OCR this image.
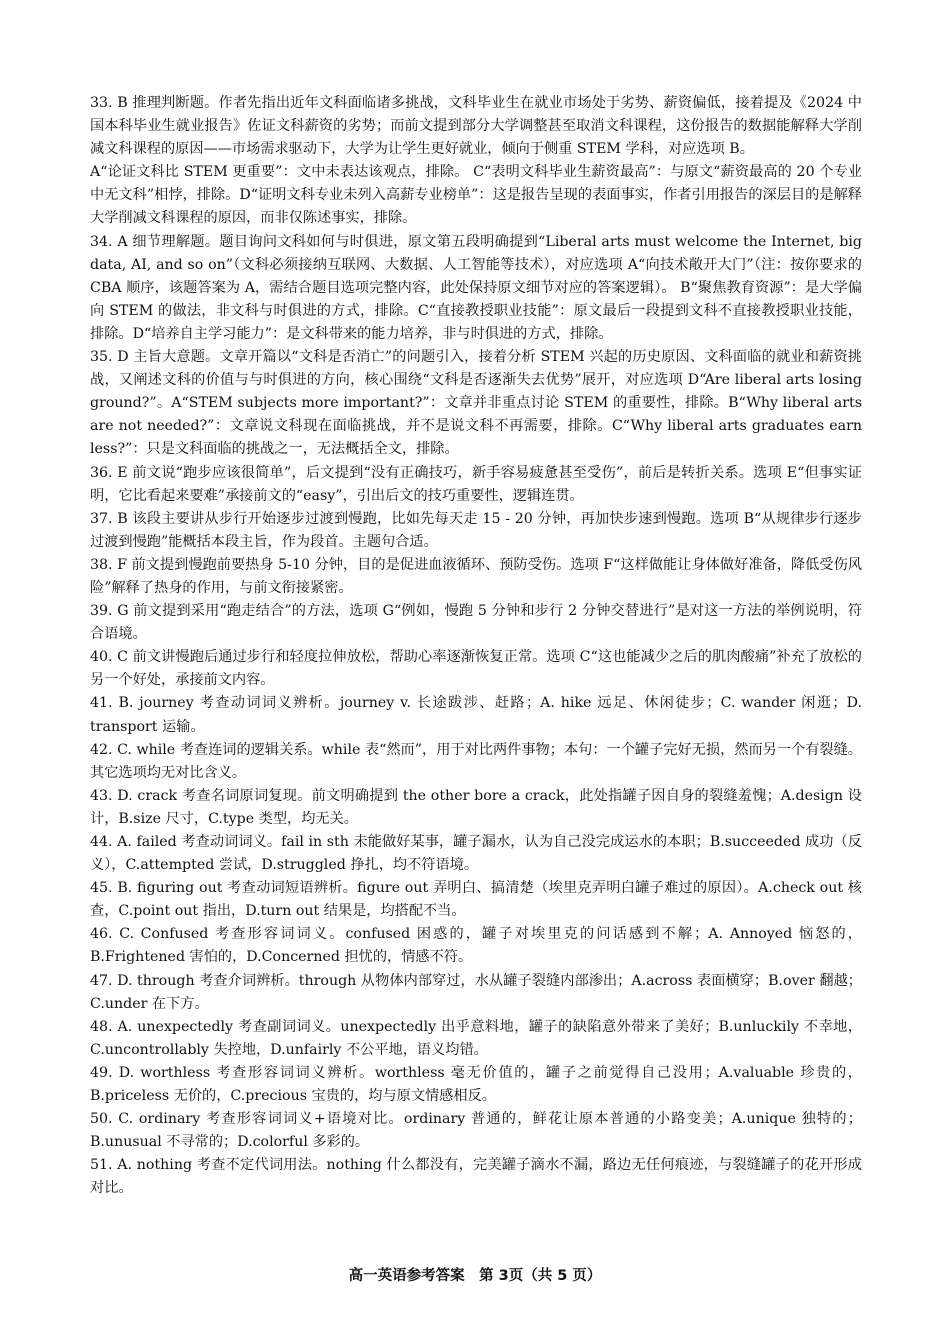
33. B 推理判断题。作者先指出近年文科面临诸多挑战，文科毕业生在就业市场处于劣势、薪资偏低，接着提及《2024 中国本科毕业生就业报告》佐证文科薪资的劣势；而前文提到部分大学调整甚至取消文科课程，这份报告的数据能解释大学削减文科课程的原因——市场需求驱动下，大学为让学生更好就业，倾向于侧重 STEM 学科，对应选项 B。

A“论证文科比 STEM 更重要”：文中未表达该观点，排除。 C“表明文科毕业生薪资最高”：与原文“薪资最高的 20 个专业中无文科”相悖，排除。D“证明文科专业未列入高薪专业榜单”：这是报告呈现的表面事实，作者引用报告的深层目的是解释大学削减文科课程的原因，而非仅陈述事实，排除。

34. A 细节理解题。题目询问文科如何与时俱进，原文第五段明确提到“Liberal arts must welcome the Internet, big data, AI, and so on”（文科必须接纳互联网、大数据、人工智能等技术），对应选项 A“向技术敞开大门”（注：按你要求的 CBA 顺序，该题答案为 A，需结合题目选项完整内容，此处保持原文细节对应的答案逻辑）。 B“聚焦教育资源”：是大学偏向 STEM 的做法，非文科与时俱进的方式，排除。C“直接教授职业技能”：原文最后一段提到文科不直接教授职业技能，排除。D“培养自主学习能力”：是文科带来的能力培养，非与时俱进的方式，排除。

35. D 主旨大意题。文章开篇以“文科是否消亡”的问题引入，接着分析 STEM 兴起的历史原因、文科面临的就业和薪资挑战，又阐述文科的价值与与时俱进的方向，核心围绕“文科是否逐渐失去优势”展开，对应选项 D“Are liberal arts losing ground?”。A“STEM subjects more important?”：文章并非重点讨论 STEM 的重要性，排除。B“Why liberal arts are not needed?”：文章说文科现在面临挑战，并不是说文科不再需要，排除。C“Why liberal arts graduates earn less?”：只是文科面临的挑战之一，无法概括全文，排除。

36. E 前文说“跑步应该很简单”，后文提到“没有正确技巧，新手容易疲惫甚至受伤”，前后是转折关系。选项 E“但事实证明，它比看起来要难”承接前文的“easy”，引出后文的技巧重要性，逻辑连贯。

37. B 该段主要讲从步行开始逐步过渡到慢跑，比如先每天走 15 - 20 分钟，再加快步速到慢跑。选项 B“从规律步行逐步过渡到慢跑”能概括本段主旨，作为段首。主题句合适。

38. F 前文提到慢跑前要热身 5-10 分钟，目的是促进血液循环、预防受伤。选项 F“这样做能让身体做好准备，降低受伤风险”解释了热身的作用，与前文衔接紧密。

39. G 前文提到采用“跑走结合”的方法，选项 G“例如，慢跑 5 分钟和步行 2 分钟交替进行”是对这一方法的举例说明，符合语境。

40. C 前文讲慢跑后通过步行和轻度拉伸放松，帮助心率逐渐恢复正常。选项 C“这也能减少之后的肌肉酸痛”补充了放松的另一个好处，承接前文内容。

41. B. journey 考查动词词义辨析。journey v. 长途跋涉、赶路；A. hike 远足、休闲徒步；C. wander 闲逛；D. transport 运输。

42. C. while 考查连词的逻辑关系。while 表“然而”，用于对比两件事物；本句：一个罐子完好无损，然而另一个有裂缝。其它选项均无对比含义。

43. D. crack 考查名词原词复现。前文明确提到 the other bore a crack，此处指罐子因自身的裂缝羞愧；A.design 设计，B.size 尺寸，C.type 类型，均无关。

44. A. failed 考查动词词义。fail in sth 未能做好某事，罐子漏水，认为自己没完成运水的本职；B.succeeded 成功（反义），C.attempted 尝试，D.struggled 挣扎，均不符语境。

45. B. figuring out 考查动词短语辨析。figure out 弄明白、搞清楚（埃里克弄明白罐子难过的原因）。A.check out 核查，C.point out 指出，D.turn out 结果是，均搭配不当。

46. C. Confused 考查形容词词义。confused 困惑的，罐子对埃里克的问话感到不解；A. Annoyed 恼怒的，B.Frightened 害怕的，D.Concerned 担忧的，情感不符。

47. D. through 考查介词辨析。through 从物体内部穿过，水从罐子裂缝内部渗出；A.across 表面横穿；B.over 翻越；C.under 在下方。

48. A. unexpectedly 考查副词词义。unexpectedly 出乎意料地，罐子的缺陷意外带来了美好；B.unluckily 不幸地，C.uncontrollably 失控地，D.unfairly 不公平地，语义均错。

49. D. worthless 考查形容词词义辨析。worthless 毫无价值的，罐子之前觉得自己没用；A.valuable 珍贵的，B.priceless 无价的，C.precious 宝贵的，均与原文情感相反。

50. C. ordinary 考查形容词词义+语境对比。ordinary 普通的，鲜花让原本普通的小路变美；A.unique 独特的；B.unusual 不寻常的；D.colorful 多彩的。

51. A. nothing 考查不定代词用法。nothing 什么都没有，完美罐子滴水不漏，路边无任何痕迹，与裂缝罐子的花开形成对比。

高一英语参考答案　第 3页（共 5 页）
